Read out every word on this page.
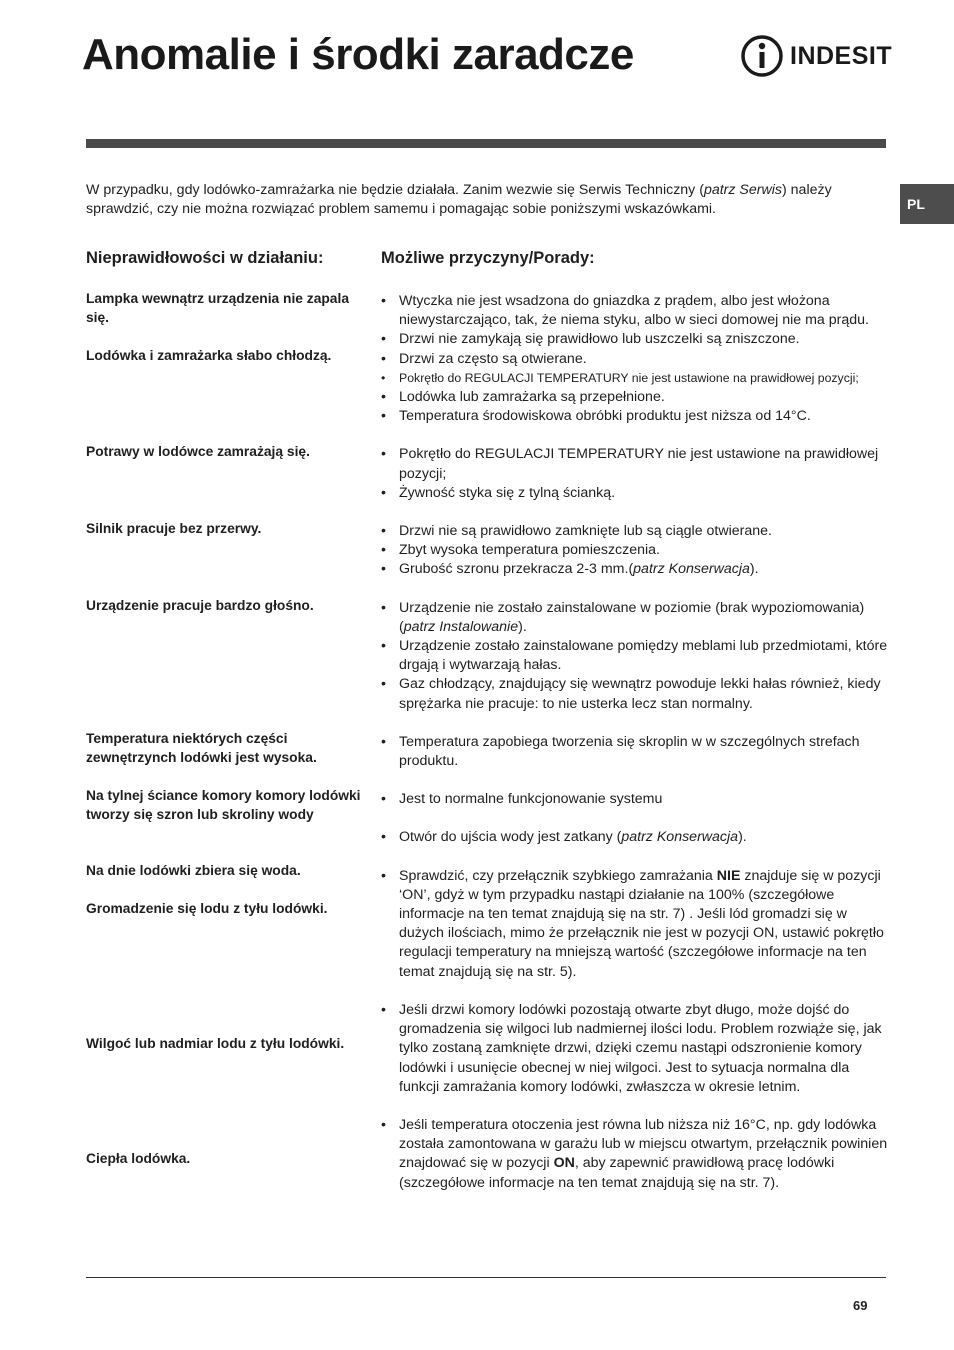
Anomalie i środki zaradcze	INDESIT
PL

W przypadku, gdy lodówko-zamrażarka nie będzie działała. Zanim wezwie się Serwis Techniczny (patrz Serwis) należy sprawdzić, czy nie można rozwiązać problem samemu i pomagając sobie poniższymi wskazówkami.

Nieprawidłowości w działaniu:	Możliwe przyczyny/Porady:
Lampka wewnątrz urządzenia nie zapala się.
Lodówka i zamrażarka słabo chłodzą.
Potrawy w lodówce zamrażają się.
Silnik pracuje bez przerwy.
Urządzenie pracuje bardzo głośno.
Temperatura niektórych części zewnętrzynch lodówki jest wysoka.
Na tylnej ściance komory komory lodówki tworzy się szron lub skroliny wody
Na dnie lodówki zbiera się woda.
Gromadzenie się lodu z tyłu lodówki.
Wilgoć lub nadmiar lodu z tyłu lodówki.
Ciepła lodówka.
• Wtyczka nie jest wsadzona do gniazdka z prądem, albo jest włożona niewystarczająco, tak, że niema styku, albo w sieci domowej nie ma prądu.
• Drzwi nie zamykają się prawidłowo lub uszczelki są zniszczone.
• Drzwi za często są otwierane.
• Pokrętło do REGULACJI TEMPERATURY nie jest ustawione na prawidłowej pozycji;
• Lodówka lub zamrażarka są przepełnione.
• Temperatura środowiskowa obróbki produktu jest niższa od 14°C.
• Pokrętło do REGULACJI TEMPERATURY nie jest ustawione na prawidłowej pozycji;
• Żywność styka się z tylną ścianką.
• Drzwi nie są prawidłowo zamknięte lub są ciągle otwierane.
• Zbyt wysoka temperatura pomieszczenia.
• Grubość szronu przekracza 2-3 mm.(patrz Konserwacja).
• Urządzenie nie zostało zainstalowane w poziomie (brak wypoziomowania) (patrz Instalowanie).
• Urządzenie zostało zainstalowane pomiędzy meblami lub przedmiotami, które drgają i wytwarzają hałas.
• Gaz chłodzący, znajdujący się wewnątrz powoduje lekki hałas również, kiedy sprężarka nie pracuje: to nie usterka lecz stan normalny.
• Temperatura zapobiega tworzenia się skroplin w w szczególnych strefach produktu.
• Jest to normalne funkcjonowanie systemu
• Otwór do ujścia wody jest zatkany (patrz Konserwacja).
• Sprawdzić, czy przełącznik szybkiego zamrażania NIE znajduje się w pozycji ‘ON’, gdyż w tym przypadku nastąpi działanie na 100% (szczegółowe informacje na ten temat znajdują się na str. 7) . Jeśli lód gromadzi się w dużych ilościach, mimo że przełącznik nie jest w pozycji ON, ustawić pokrętło regulacji temperatury na mniejszą wartość (szczegółowe informacje na ten temat znajdują się na str. 5).
• Jeśli drzwi komory lodówki pozostają otwarte zbyt długo, może dojść do gromadzenia się wilgoci lub nadmiernej ilości lodu. Problem rozwiąże się, jak tylko zostaną zamknięte drzwi, dzięki czemu nastąpi odszronienie komory lodówki i usunięcie obecnej w niej wilgoci. Jest to sytuacja normalna dla funkcji zamrażania komory lodówki, zwłaszcza w okresie letnim.
• Jeśli temperatura otoczenia jest równa lub niższa niż 16°C, np. gdy lodówka została zamontowana w garażu lub w miejscu otwartym, przełącznik powinien znajdować się w pozycji ON, aby zapewnić prawidłową pracę lodówki (szczegółowe informacje na ten temat znajdują się na str. 7).
69
